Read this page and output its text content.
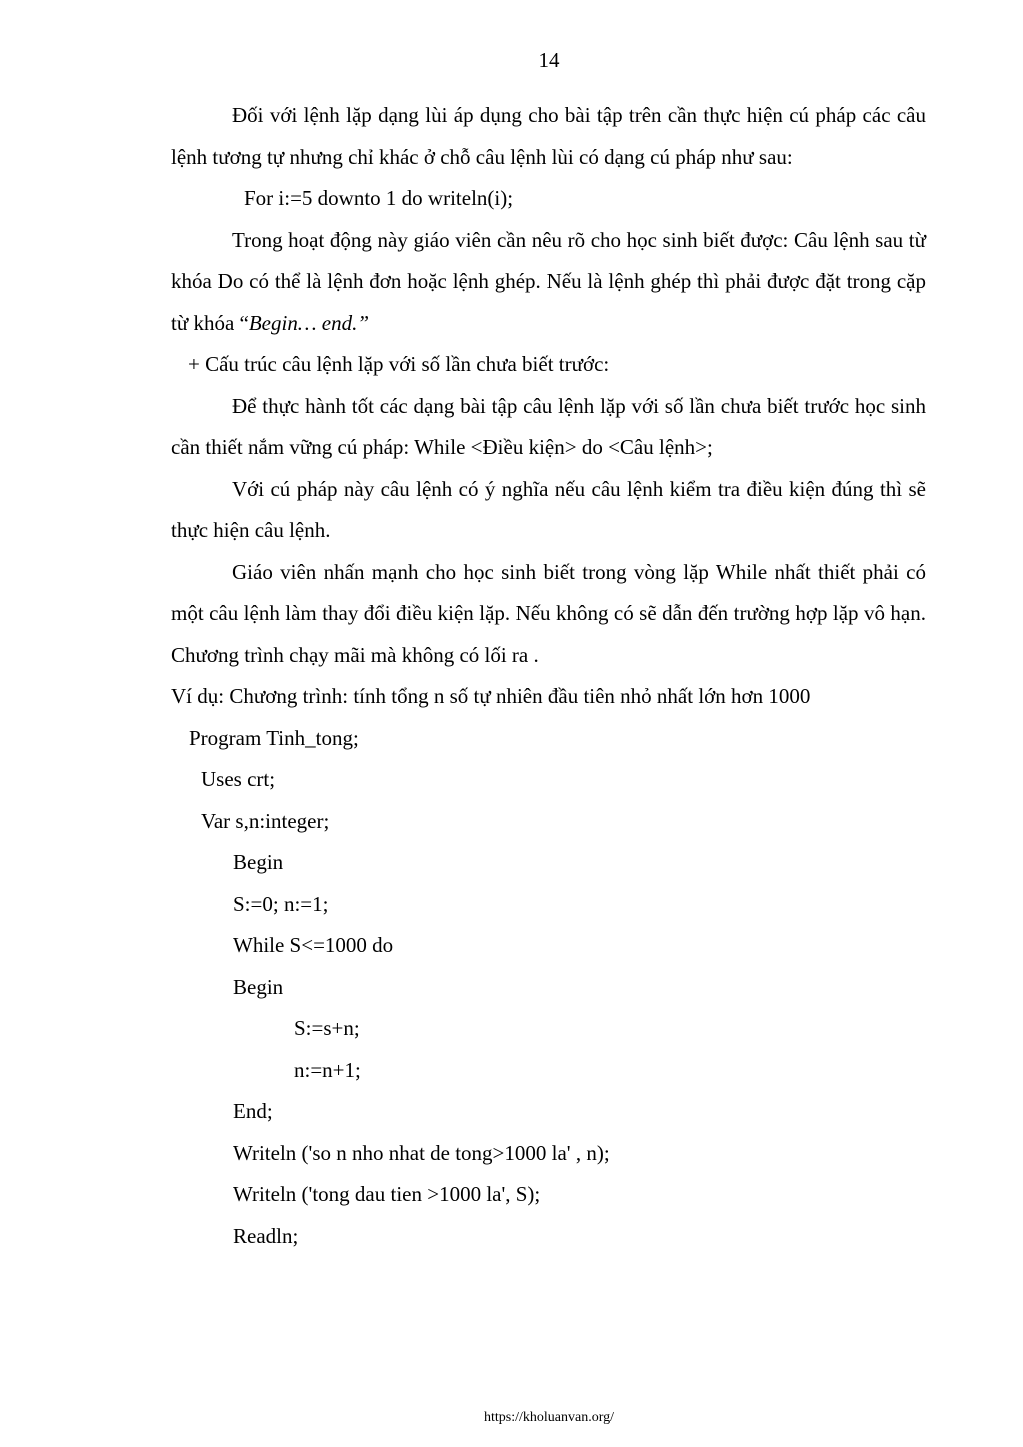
14

Đối với lệnh lặp dạng lùi áp dụng cho bài tập trên cần thực hiện cú pháp các câu lệnh tương tự nhưng chỉ khác ở chỗ câu lệnh lùi có dạng cú pháp như sau:

For i:=5 downto 1 do writeln(i);

Trong hoạt động này giáo viên cần nêu rõ cho học sinh biết được: Câu lệnh sau từ khóa Do có thể là lệnh đơn hoặc lệnh ghép. Nếu là lệnh ghép thì phải được đặt trong cặp từ khóa “Begin… end.”

+ Cấu trúc câu lệnh lặp với số lần chưa biết trước:

Để thực hành tốt các dạng bài tập câu lệnh lặp với số lần chưa biết trước học sinh cần thiết nắm vững cú pháp: While <Điều kiện> do <Câu lệnh>;

Với cú pháp này câu lệnh có ý nghĩa nếu câu lệnh kiểm tra điều kiện đúng thì sẽ thực hiện câu lệnh.

Giáo viên nhấn mạnh cho học sinh biết trong vòng lặp While nhất thiết phải có một câu lệnh làm thay đổi điều kiện lặp. Nếu không có sẽ dẫn đến trường hợp lặp vô hạn. Chương trình chạy mãi mà không có lối ra .

Ví dụ: Chương trình: tính tổng n số tự nhiên đầu tiên nhỏ nhất lớn hơn 1000

Program Tinh_tong;

Uses crt;

Var s,n:integer;

Begin

S:=0; n:=1;

While S<=1000 do

Begin

S:=s+n;

n:=n+1;

End;

Writeln ('so n nho nhat de tong>1000 la' , n);

Writeln ('tong dau tien >1000 la', S);

Readln;

https://kholuanvan.org/
